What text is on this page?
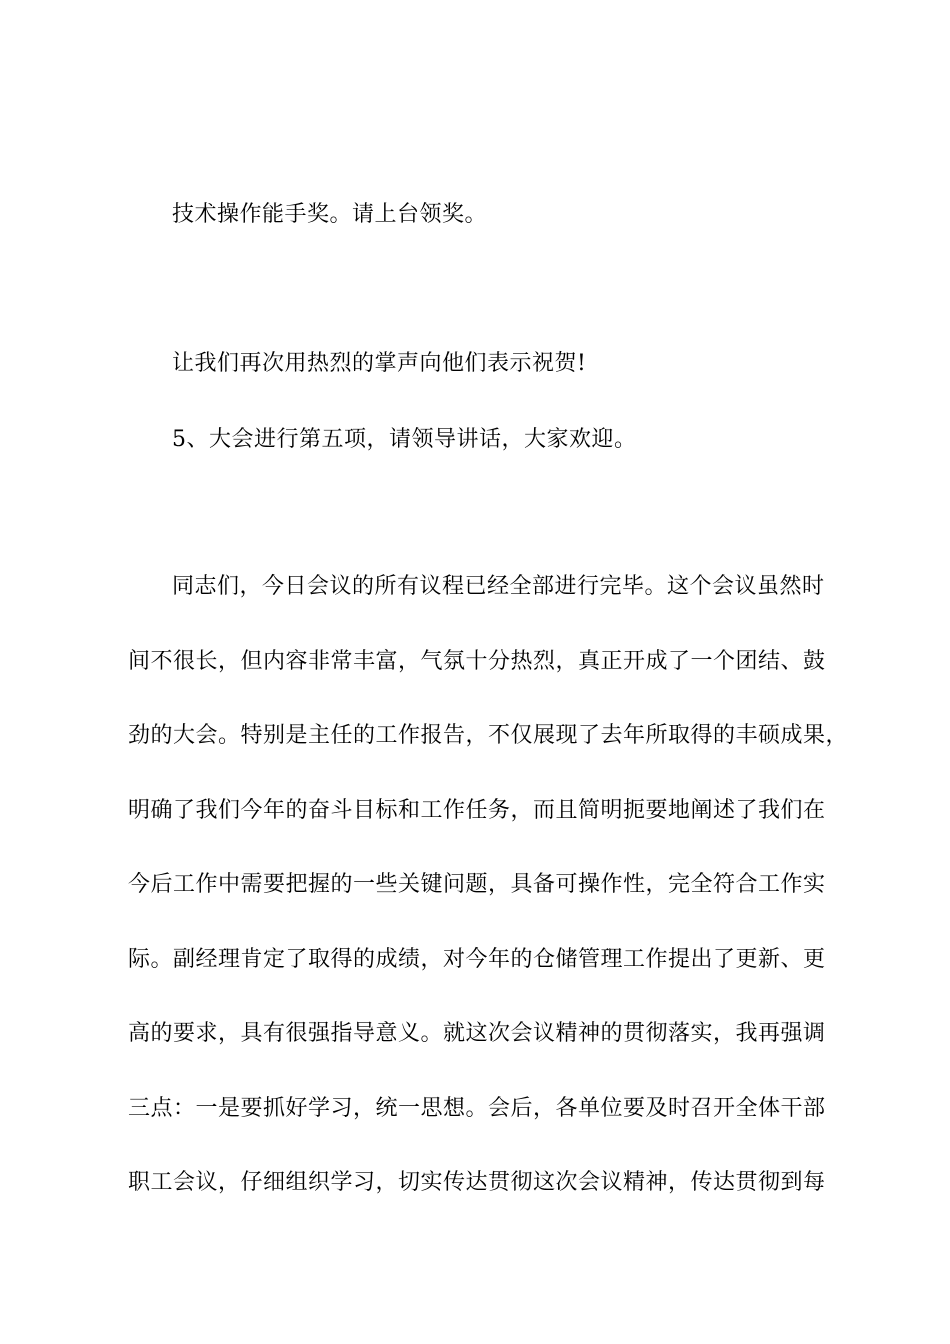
技术操作能手奖。请上台领奖。
让我们再次用热烈的掌声向他们表示祝贺!
5、大会进行第五项，请领导讲话，大家欢迎。
同志们，今日会议的所有议程已经全部进行完毕。这个会议虽然时
间不很长，但内容非常丰富，气氛十分热烈，真正开成了一个团结、鼓
劲的大会。特别是主任的工作报告，不仅展现了去年所取得的丰硕成果，
明确了我们今年的奋斗目标和工作任务，而且简明扼要地阐述了我们在
今后工作中需要把握的一些关键问题，具备可操作性，完全符合工作实
际。副经理肯定了取得的成绩，对今年的仓储管理工作提出了更新、更
高的要求，具有很强指导意义。就这次会议精神的贯彻落实，我再强调
三点：一是要抓好学习，统一思想。会后，各单位要及时召开全体干部
职工会议，仔细组织学习，切实传达贯彻这次会议精神，传达贯彻到每
